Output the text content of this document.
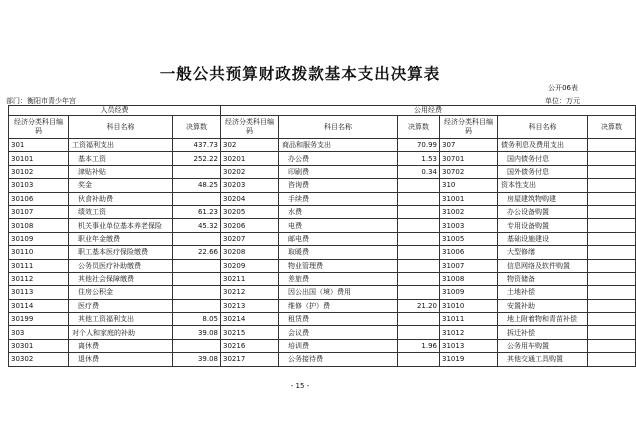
一般公共预算财政拨款基本支出决算表
公开06表
部门：衡阳市青少年宫	单位：万元
人员经费			公用经费					
经济分类科目编码	科目名称	决算数	经济分类科目编码	科目名称	决算数	经济分类科目编码	科目名称	决算数
301	工资福利支出	437.73	302	商品和服务支出	70.99	307	债务利息及费用支出	
30101	基本工资	252.22	30201	办公费	1.53	30701	国内债务付息	
30102	津贴补贴		30202	印刷费	0.34	30702	国外债务付息	
30103	奖金	48.25	30203	咨询费		310	资本性支出	
30106	伙食补助费		30204	手续费		31001	房屋建筑物购建	
30107	绩效工资	61.23	30205	水费		31002	办公设备购置	
30108	机关事业单位基本养老保险	45.32	30206	电费		31003	专用设备购置	
30109	职业年金缴费		30207	邮电费		31005	基础设施建设	
30110	职工基本医疗保险缴费	22.66	30208	取暖费		31006	大型修缮	
30111	公务员医疗补助缴费		30209	物业管理费		31007	信息网络及软件购置	
30112	其他社会保障缴费		30211	差旅费		31008	物资储备	
30113	住房公积金		30212	因公出国（境）费用		31009	土地补偿	
30114	医疗费		30213	维修（护）费	21.20	31010	安置补助	
30199	其他工资福利支出	8.05	30214	租赁费		31011	地上附着物和青苗补偿	
303	对个人和家庭的补助	39.08	30215	会议费		31012	拆迁补偿	
30301	离休费		30216	培训费	1.96	31013	公务用车购置	
30302	退休费	39.08	30217	公务接待费		31019	其他交通工具购置	
- 15 -
